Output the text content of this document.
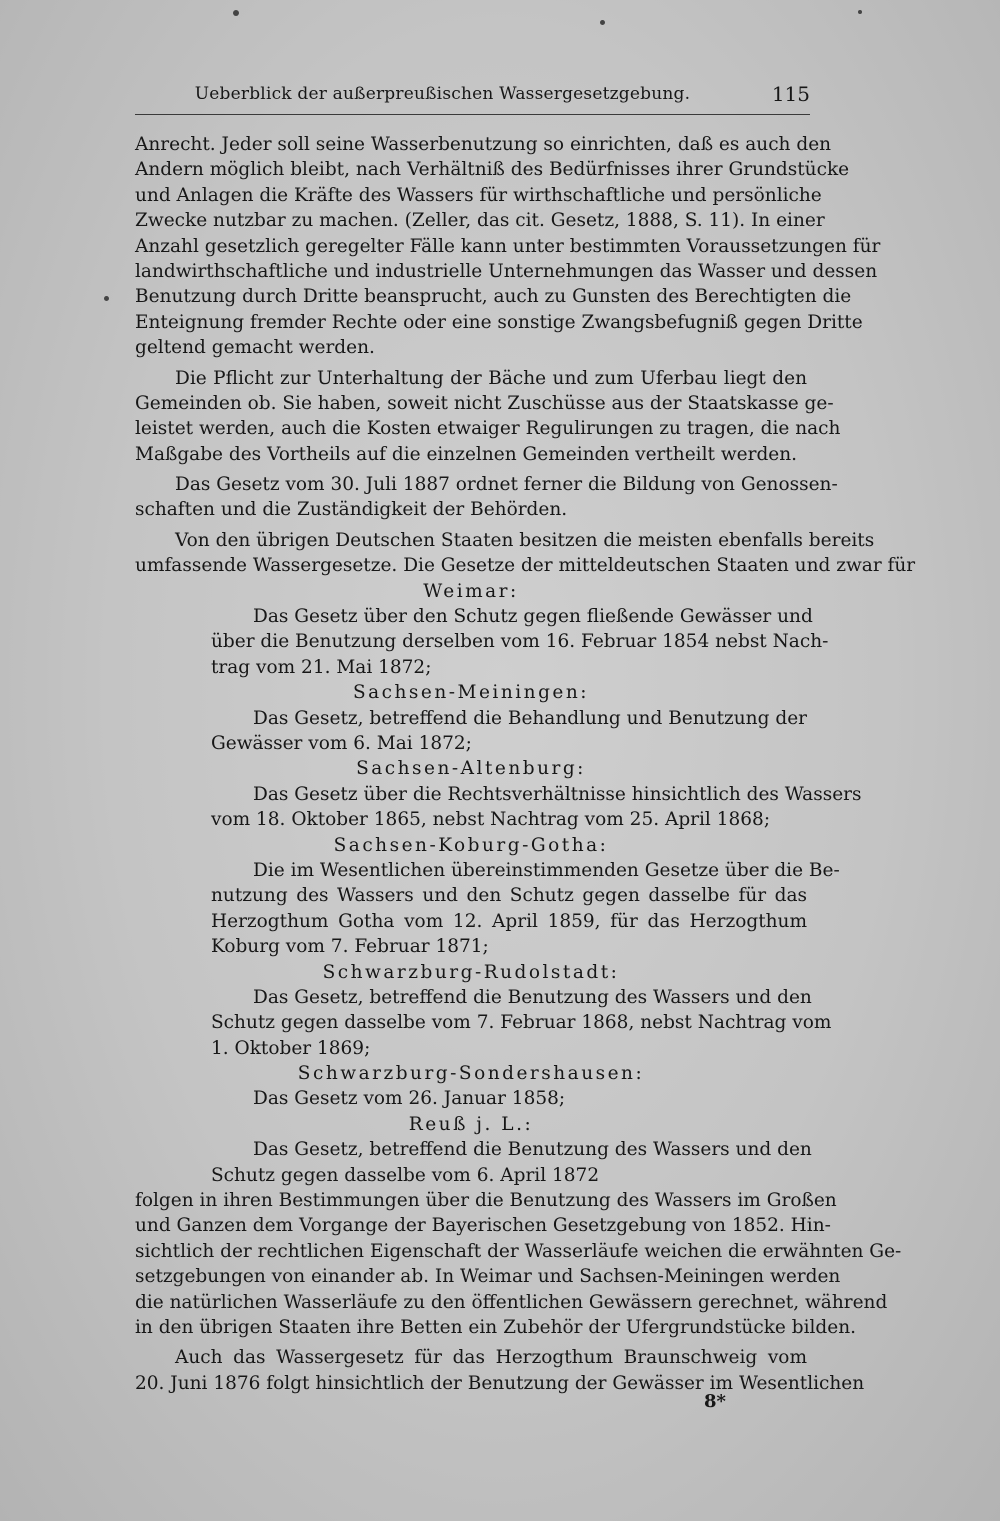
Ueberblick der außerpreußischen Wassergesetzgebung.	115
Anrecht. Jeder soll seine Wasserbenutzung so einrichten, daß es auch den
Andern möglich bleibt, nach Verhältniß des Bedürfnisses ihrer Grundstücke
und Anlagen die Kräfte des Wassers für wirthschaftliche und persönliche
Zwecke nutzbar zu machen. (Zeller, das cit. Gesetz, 1888, S. 11). In einer
Anzahl gesetzlich geregelter Fälle kann unter bestimmten Voraussetzungen für
landwirthschaftliche und industrielle Unternehmungen das Wasser und dessen
Benutzung durch Dritte beansprucht, auch zu Gunsten des Berechtigten die
Enteignung fremder Rechte oder eine sonstige Zwangsbefugniß gegen Dritte
geltend gemacht werden.
Die Pflicht zur Unterhaltung der Bäche und zum Uferbau liegt den
Gemeinden ob. Sie haben, soweit nicht Zuschüsse aus der Staatskasse ge-
leistet werden, auch die Kosten etwaiger Regulirungen zu tragen, die nach
Maßgabe des Vortheils auf die einzelnen Gemeinden vertheilt werden.
Das Gesetz vom 30. Juli 1887 ordnet ferner die Bildung von Genossen-
schaften und die Zuständigkeit der Behörden.
Von den übrigen Deutschen Staaten besitzen die meisten ebenfalls bereits
umfassende Wassergesetze. Die Gesetze der mitteldeutschen Staaten und zwar für
Weimar:
Das Gesetz über den Schutz gegen fließende Gewässer und
über die Benutzung derselben vom 16. Februar 1854 nebst Nach-
trag vom 21. Mai 1872;
Sachsen-Meiningen:
Das Gesetz, betreffend die Behandlung und Benutzung der
Gewässer vom 6. Mai 1872;
Sachsen-Altenburg:
Das Gesetz über die Rechtsverhältnisse hinsichtlich des Wassers
vom 18. Oktober 1865, nebst Nachtrag vom 25. April 1868;
Sachsen-Koburg-Gotha:
Die im Wesentlichen übereinstimmenden Gesetze über die Be-
nutzung des Wassers und den Schutz gegen dasselbe für das
Herzogthum Gotha vom 12. April 1859, für das Herzogthum
Koburg vom 7. Februar 1871;
Schwarzburg-Rudolstadt:
Das Gesetz, betreffend die Benutzung des Wassers und den
Schutz gegen dasselbe vom 7. Februar 1868, nebst Nachtrag vom
1. Oktober 1869;
Schwarzburg-Sondershausen:
Das Gesetz vom 26. Januar 1858;
Reuß j. L.:
Das Gesetz, betreffend die Benutzung des Wassers und den
Schutz gegen dasselbe vom 6. April 1872
folgen in ihren Bestimmungen über die Benutzung des Wassers im Großen
und Ganzen dem Vorgange der Bayerischen Gesetzgebung von 1852. Hin-
sichtlich der rechtlichen Eigenschaft der Wasserläufe weichen die erwähnten Ge-
setzgebungen von einander ab. In Weimar und Sachsen-Meiningen werden
die natürlichen Wasserläufe zu den öffentlichen Gewässern gerechnet, während
in den übrigen Staaten ihre Betten ein Zubehör der Ufergrundstücke bilden.
Auch das Wassergesetz für das Herzogthum Braunschweig vom
20. Juni 1876 folgt hinsichtlich der Benutzung der Gewässer im Wesentlichen
8*
